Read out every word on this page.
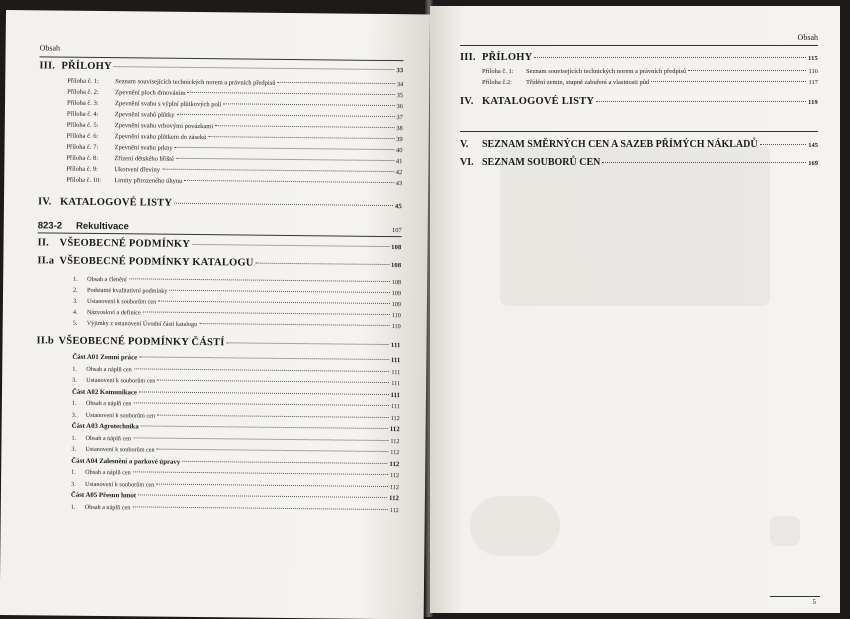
Obsah
III. PŘÍLOHY	33
Příloha č. 1:	Seznam souvisejících technických norem a právních předpisů	34
Příloha č. 2:	Zpevnění ploch drnováním	35
Příloha č. 3:	Zpevnění svahu s výplní plůtkových polí	36
Příloha č. 4:	Zpevnění svahů plůtky	37
Příloha č. 5:	Zpevnění svahu vrbovými povázkami	38
Příloha č. 6:	Zpevnění svahu plůtkem do zásekú	39
Příloha č. 7:	Zpevnění svahu prkny	40
Příloha č. 8:	Zřízení dětského hřiště	41
Příloha č. 9:	Ukotvení dřeviny	42
Příloha č. 10: Limity přirozeného úhynu	43
IV. KATALOGOVÉ LISTY	45
823-2 Rekultivace	107
II. VŠEOBECNÉ PODMÍNKY	108
II.a VŠEOBECNÉ PODMÍNKY KATALOGU	108
1. Obsah a členění	108
2. Podstatné kvalitativní podmínky	109
3. Ustanovení k souborům cen	109
4. Názvosloví a definice	110
5. Výjimky z ustanovení Úvodní části katalogu	110
II.b VŠEOBECNÉ PODMÍNKY ČÁSTÍ	111
Část A01 Zemní práce	111
1. Obsah a náplň cen	111
3. Ustanovení k souborům cen	111
Část A02 Komunikace	111
1. Obsah a náplň cen	111
3. Ustanovení k souborům cen	112
Část A03 Agrotechnika	112
1. Obsah a náplň cen	112
3. Ustanovení k souborům cen	112
Část A04 Zalesnění a parkové úpravy	112
1. Obsah a náplň cen	112
3. Ustanovení k souborům cen	112
Část A05 Přesun hmot	112
1. Obsah a náplň cen	112
Obsah
III. PŘÍLOHY	115
Příloha č. 1: Seznam souvisejících technických norem a právních předpisů	116
Příloha č.2: Třídění zemin, stupně zabuření a vlastnosti půd	117
IV. KATALOGOVÉ LISTY	119
V. SEZNAM SMĚRNÝCH CEN A SAZEB PŘÍMÝCH NÁKLADŮ	145
VI. SEZNAM SOUBORŮ CEN	169
5
